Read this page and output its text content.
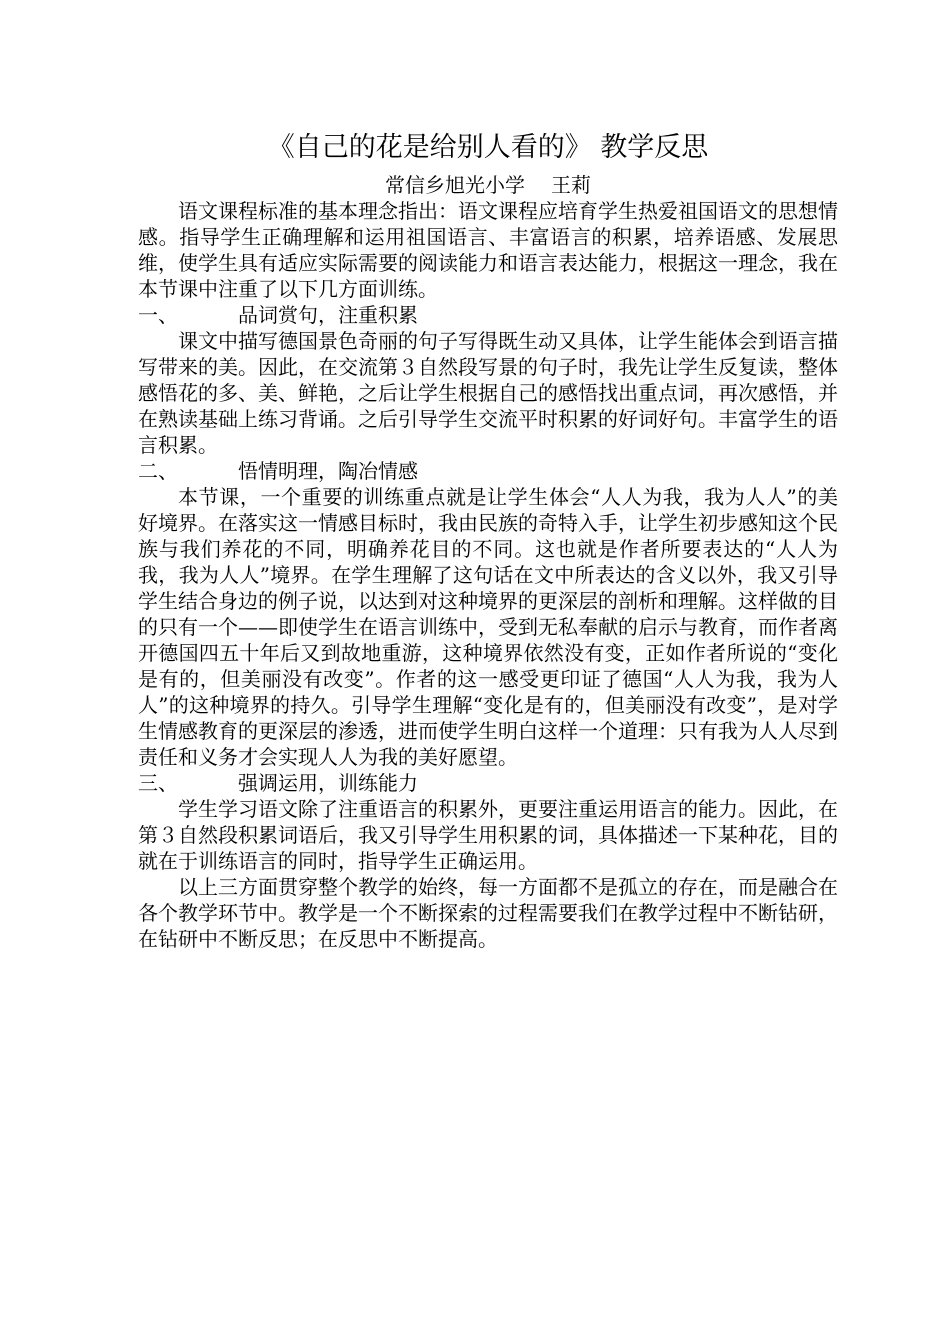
《自己的花是给别人看的》 教学反思

常信乡旭光小学 王莉

语文课程标准的基本理念指出：语文课程应培育学生热爱祖国语文的思想情感。指导学生正确理解和运用祖国语言、丰富语言的积累，培养语感、发展思维，使学生具有适应实际需要的阅读能力和语言表达能力，根据这一理念，我在本节课中注重了以下几方面训练。

一、	品词赏句，注重积累

课文中描写德国景色奇丽的句子写得既生动又具体，让学生能体会到语言描写带来的美。因此，在交流第３自然段写景的句子时，我先让学生反复读，整体感悟花的多、美、鲜艳，之后让学生根据自己的感悟找出重点词，再次感悟，并在熟读基础上练习背诵。之后引导学生交流平时积累的好词好句。丰富学生的语言积累。

二、	悟情明理，陶冶情感

本节课，一个重要的训练重点就是让学生体会“人人为我，我为人人”的美好境界。在落实这一情感目标时，我由民族的奇特入手，让学生初步感知这个民族与我们养花的不同，明确养花目的不同。这也就是作者所要表达的“人人为我，我为人人”境界。在学生理解了这句话在文中所表达的含义以外，我又引导学生结合身边的例子说，以达到对这种境界的更深层的剖析和理解。这样做的目的只有一个——即使学生在语言训练中，受到无私奉献的启示与教育，而作者离开德国四五十年后又到故地重游，这种境界依然没有变，正如作者所说的“变化是有的，但美丽没有改变”。作者的这一感受更印证了德国“人人为我，我为人人”的这种境界的持久。引导学生理解“变化是有的，但美丽没有改变”，是对学生情感教育的更深层的渗透，进而使学生明白这样一个道理：只有我为人人尽到责任和义务才会实现人人为我的美好愿望。

三、	强调运用，训练能力

学生学习语文除了注重语言的积累外，更要注重运用语言的能力。因此，在第３自然段积累词语后，我又引导学生用积累的词，具体描述一下某种花，目的就在于训练语言的同时，指导学生正确运用。

以上三方面贯穿整个教学的始终，每一方面都不是孤立的存在，而是融合在各个教学环节中。教学是一个不断探索的过程需要我们在教学过程中不断钻研，在钻研中不断反思；在反思中不断提高。
